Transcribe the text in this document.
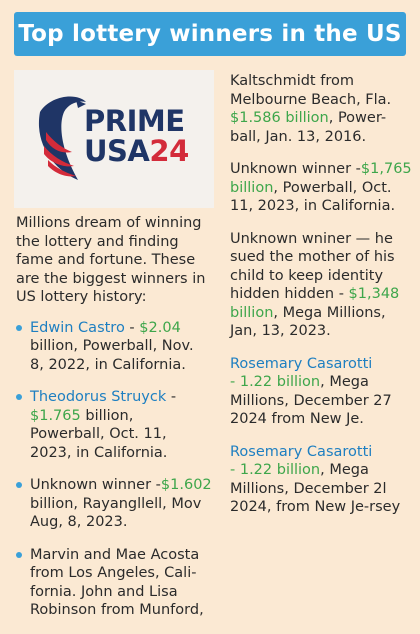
Top lottery winners in the US
PRIME
USA24
Millions dream of winning the lottery and finding fame and fortune. These are the biggest winners in US lottery history:
Edwin Castro - $2.04 billion, Powerball, Nov. 8, 2022, in California.
Theodorus Struyck - $1.765 billion, Powerball, Oct. 11, 2023, in California.
Unknown winner -$1.602 billion, Rayangllell, Mov Aug, 8, 2023.
Marvin and Mae Acosta from Los Angeles, Cali-fornia. John and Lisa Robinson from Munford,
Kaltschmidt from Melbourne Beach, Fla. $1.586 billion, Power-ball, Jan. 13, 2016.
Unknown winner -$1,765 billion, Powerball, Oct. 11, 2023, in California.
Unknown wniner — he sued the mother of his child to keep identity hidden hidden - $1,348 billion, Mega Millions, Jan, 13, 2023.
Rosemary Casarotti
- 1.22 billion, Mega Millions, December 27 2024 from New Je.
Rosemary Casarotti
- 1.22 billion, Mega Millions, December 2l 2024, from New Je-rsey
